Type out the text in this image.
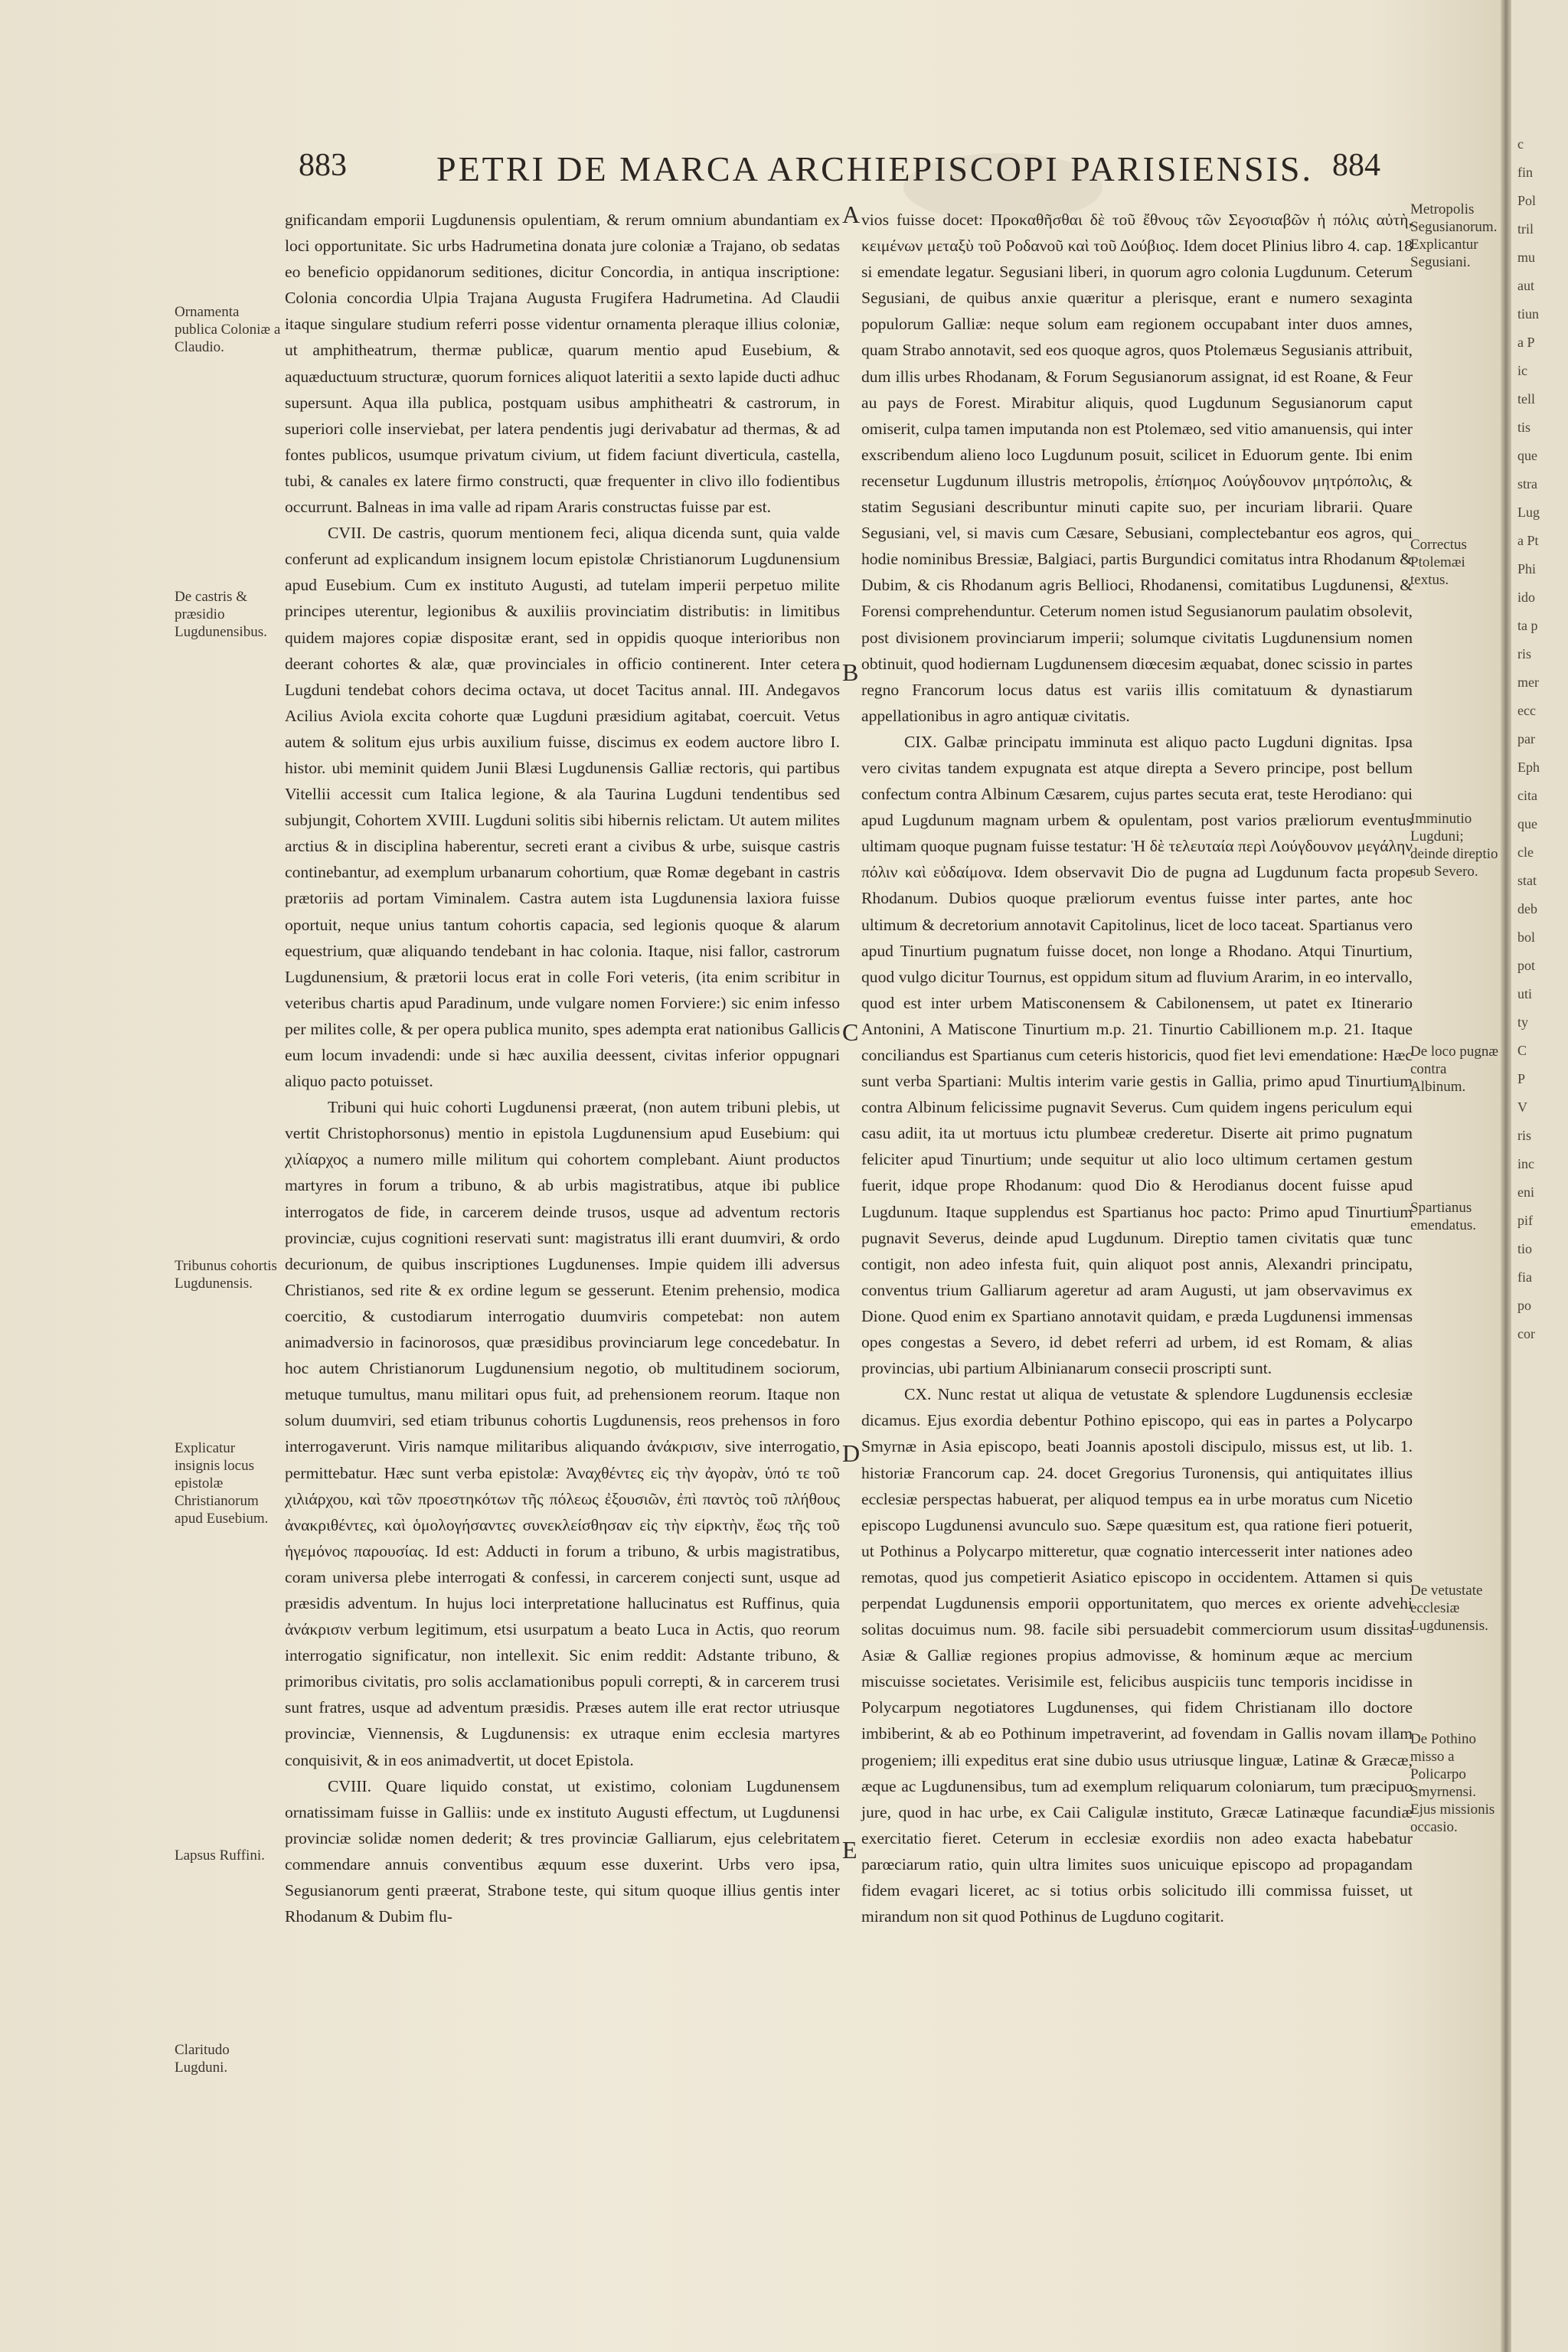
883	PETRI DE MARCA ARCHIEPISCOPI PARISIENSIS. 884
A
B
C
D
E
Ornamenta publica Coloniæ a Claudio.
De castris & præsidio Lugdunensibus.
Tribunus cohortis Lugdunensis.
Explicatur insignis locus epistolæ Christianorum apud Eusebium.
Lapsus Ruffini.
Claritudo Lugduni.

gnificandam emporii Lugdunensis opulentiam, & rerum omnium abundantiam ex loci opportunitate. Sic urbs Hadrumetina donata jure coloniæ a Trajano, ob sedatas eo beneficio oppidanorum seditiones, dicitur Concordia, in antiqua inscriptione: Colonia concordia Ulpia Trajana Augusta Frugifera Hadrumetina. Ad Claudii itaque singulare studium referri posse videntur ornamenta pleraque illius coloniæ, ut amphitheatrum, thermæ publicæ, quarum mentio apud Eusebium, & aquæductuum structuræ, quorum fornices aliquot lateritii a sexto lapide ducti adhuc supersunt. Aqua illa publica, postquam usibus amphitheatri & castrorum, in superiori colle inserviebat, per latera pendentis jugi derivabatur ad thermas, & ad fontes publicos, usumque privatum civium, ut fidem faciunt diverticula, castella, tubi, & canales ex latere firmo constructi, quæ frequenter in clivo illo fodientibus occurrunt. Balneas in ima valle ad ripam Araris constructas fuisse par est.

CVII. De castris, quorum mentionem feci, aliqua dicenda sunt, quia valde conferunt ad explicandum insignem locum epistolæ Christianorum Lugdunensium apud Eusebium. Cum ex instituto Augusti, ad tutelam imperii perpetuo milite principes uterentur, legionibus & auxiliis provinciatim distributis: in limitibus quidem majores copiæ dispositæ erant, sed in oppidis quoque interioribus non deerant cohortes & alæ, quæ provinciales in officio continerent. Inter cetera Lugduni tendebat cohors decima octava, ut docet Tacitus annal. III. Andegavos Acilius Aviola excita cohorte quæ Lugduni præsidium agitabat, coercuit. Vetus autem & solitum ejus urbis auxilium fuisse, discimus ex eodem auctore libro I. histor. ubi meminit quidem Junii Blæsi Lugdunensis Galliæ rectoris, qui partibus Vitellii accessit cum Italica legione, & ala Taurina Lugduni tendentibus sed subjungit, Cohortem XVIII. Lugduni solitis sibi hibernis relictam. Ut autem milites arctius & in disciplina haberentur, secreti erant a civibus & urbe, suisque castris continebantur, ad exemplum urbanarum cohortium, quæ Romæ degebant in castris prætoriis ad portam Viminalem. Castra autem ista Lugdunensia laxiora fuisse oportuit, neque unius tantum cohortis capacia, sed legionis quoque & alarum equestrium, quæ aliquando tendebant in hac colonia. Itaque, nisi fallor, castrorum Lugdunensium, & prætorii locus erat in colle Fori veteris, (ita enim scribitur in veteribus chartis apud Paradinum, unde vulgare nomen Forviere:) sic enim infesso per milites colle, & per opera publica munito, spes adempta erat nationibus Gallicis eum locum invadendi: unde si hæc auxilia deessent, civitas inferior oppugnari aliquo pacto potuisset.

Tribuni qui huic cohorti Lugdunensi præerat, (non autem tribuni plebis, ut vertit Christophorsonus) mentio in epistola Lugdunensium apud Eusebium: qui χιλίαρχος a numero mille militum qui cohortem complebant. Aiunt productos martyres in forum a tribuno, & ab urbis magistratibus, atque ibi publice interrogatos de fide, in carcerem deinde trusos, usque ad adventum rectoris provinciæ, cujus cognitioni reservati sunt: magistratus illi erant duumviri, & ordo decurionum, de quibus inscriptiones Lugdunenses. Impie quidem illi adversus Christianos, sed rite & ex ordine legum se gesserunt. Etenim prehensio, modica coercitio, & custodiarum interrogatio duumviris competebat: non autem animadversio in facinorosos, quæ præsidibus provinciarum lege concedebatur. In hoc autem Christianorum Lugdunensium negotio, ob multitudinem sociorum, metuque tumultus, manu militari opus fuit, ad prehensionem reorum. Itaque non solum duumviri, sed etiam tribunus cohortis Lugdunensis, reos prehensos in foro interrogaverunt. Viris namque militaribus aliquando ἀνάκρισιν, sive interrogatio, permittebatur. Hæc sunt verba epistolæ: Ἀναχθέντες εἰς τὴν ἀγορὰν, ὑπό τε τοῦ χιλιάρχου, καὶ τῶν προεστηκότων τῆς πόλεως ἐξουσιῶν, ἐπὶ παντὸς τοῦ πλήθους ἀνακριθέντες, καὶ ὁμολογήσαντες συνεκλείσθησαν εἰς τὴν εἱρκτὴν, ἕως τῆς τοῦ ἡγεμόνος παρουσίας. Id est: Adducti in forum a tribuno, & urbis magistratibus, coram universa plebe interrogati & confessi, in carcerem conjecti sunt, usque ad præsidis adventum. In hujus loci interpretatione hallucinatus est Ruffinus, quia ἀνάκρισιν verbum legitimum, etsi usurpatum a beato Luca in Actis, quo reorum interrogatio significatur, non intellexit. Sic enim reddit: Adstante tribuno, & primoribus civitatis, pro solis acclamationibus populi correpti, & in carcerem trusi sunt fratres, usque ad adventum præsidis. Præses autem ille erat rector utriusque provinciæ, Viennensis, & Lugdunensis: ex utraque enim ecclesia martyres conquisivit, & in eos animadvertit, ut docet Epistola.

CVIII. Quare liquido constat, ut existimo, coloniam Lugdunensem ornatissimam fuisse in Galliis: unde ex instituto Augusti effectum, ut Lugdunensi provinciæ solidæ nomen dederit; & tres provinciæ Galliarum, ejus celebritatem commendare annuis conventibus æquum esse duxerint. Urbs vero ipsa, Segusianorum genti præerat, Strabone teste, qui situm quoque illius gentis inter Rhodanum & Dubim flu-

vios fuisse docet: Προκαθῆσθαι δὲ τοῦ ἔθνους τῶν Σεγοσιαβῶν ἡ πόλις αὐτὴ, κειμένων μεταξὺ τοῦ Ροδανοῦ καὶ τοῦ Δούβιος. Idem docet Plinius libro 4. cap. 18 si emendate legatur. Segusiani liberi, in quorum agro colonia Lugdunum. Ceterum Segusiani, de quibus anxie quæritur a plerisque, erant e numero sexaginta populorum Galliæ: neque solum eam regionem occupabant inter duos amnes, quam Strabo annotavit, sed eos quoque agros, quos Ptolemæus Segusianis attribuit, dum illis urbes Rhodanam, & Forum Segusianorum assignat, id est Roane, & Feur au pays de Forest. Mirabitur aliquis, quod Lugdunum Segusianorum caput omiserit, culpa tamen imputanda non est Ptolemæo, sed vitio amanuensis, qui inter exscribendum alieno loco Lugdunum posuit, scilicet in Eduorum gente. Ibi enim recensetur Lugdunum illustris metropolis, ἐπίσημος Λούγδουνον μητρόπολις, & statim Segusiani describuntur minuti capite suo, per incuriam librarii. Quare Segusiani, vel, si mavis cum Cæsare, Sebusiani, complectebantur eos agros, qui hodie nominibus Bressiæ, Balgiaci, partis Burgundici comitatus intra Rhodanum & Dubim, & cis Rhodanum agris Bellioci, Rhodanensi, comitatibus Lugdunensi, & Forensi comprehenduntur. Ceterum nomen istud Segusianorum paulatim obsolevit, post divisionem provinciarum imperii; solumque civitatis Lugdunensium nomen obtinuit, quod hodiernam Lugdunensem diœcesim æquabat, donec scissio in partes regno Francorum locus datus est variis illis comitatuum & dynastiarum appellationibus in agro antiquæ civitatis.

CIX. Galbæ principatu imminuta est aliquo pacto Lugduni dignitas. Ipsa vero civitas tandem expugnata est atque direpta a Severo principe, post bellum confectum contra Albinum Cæsarem, cujus partes secuta erat, teste Herodiano: qui apud Lugdunum magnam urbem & opulentam, post varios præliorum eventus ultimam quoque pugnam fuisse testatur: Ἡ δὲ τελευταία περὶ Λούγδουνον μεγάλην πόλιν καὶ εὐδαίμονα. Idem observavit Dio de pugna ad Lugdunum facta prope Rhodanum. Dubios quoque præliorum eventus fuisse inter partes, ante hoc ultimum & decretorium annotavit Capitolinus, licet de loco taceat. Spartianus vero apud Tinurtium pugnatum fuisse docet, non longe a Rhodano. Atqui Tinurtium, quod vulgo dicitur Tournus, est oppidum situm ad fluvium Ararim, in eo intervallo, quod est inter urbem Matisconensem & Cabilonensem, ut patet ex Itinerario Antonini, A Matiscone Tinurtium m.p. 21. Tinurtio Cabillionem m.p. 21. Itaque conciliandus est Spartianus cum ceteris historicis, quod fiet levi emendatione: Hæc sunt verba Spartiani: Multis interim varie gestis in Gallia, primo apud Tinurtium contra Albinum felicissime pugnavit Severus. Cum quidem ingens periculum equi casu adiit, ita ut mortuus ictu plumbeæ crederetur. Diserte ait primo pugnatum feliciter apud Tinurtium; unde sequitur ut alio loco ultimum certamen gestum fuerit, idque prope Rhodanum: quod Dio & Herodianus docent fuisse apud Lugdunum. Itaque supplendus est Spartianus hoc pacto: Primo apud Tinurtium pugnavit Severus, deinde apud Lugdunum. Direptio tamen civitatis quæ tunc contigit, non adeo infesta fuit, quin aliquot post annis, Alexandri principatu, conventus trium Galliarum ageretur ad aram Augusti, ut jam observavimus ex Dione. Quod enim ex Spartiano annotavit quidam, e præda Lugdunensi immensas opes congestas a Severo, id debet referri ad urbem, id est Romam, & alias provincias, ubi partium Albinianarum consecii proscripti sunt.

CX. Nunc restat ut aliqua de vetustate & splendore Lugdunensis ecclesiæ dicamus. Ejus exordia debentur Pothino episcopo, qui eas in partes a Polycarpo Smyrnæ in Asia episcopo, beati Joannis apostoli discipulo, missus est, ut lib. 1. historiæ Francorum cap. 24. docet Gregorius Turonensis, qui antiquitates illius ecclesiæ perspectas habuerat, per aliquod tempus ea in urbe moratus cum Nicetio episcopo Lugdunensi avunculo suo. Sæpe quæsitum est, qua ratione fieri potuerit, ut Pothinus a Polycarpo mitteretur, quæ cognatio intercesserit inter nationes adeo remotas, quod jus competierit Asiatico episcopo in occidentem. Attamen si quis perpendat Lugdunensis emporii opportunitatem, quo merces ex oriente advehi solitas docuimus num. 98. facile sibi persuadebit commerciorum usum dissitas Asiæ & Galliæ regiones propius admovisse, & hominum æque ac mercium miscuisse societates. Verisimile est, felicibus auspiciis tunc temporis incidisse in Polycarpum negotiatores Lugdunenses, qui fidem Christianam illo doctore imbiberint, & ab eo Pothinum impetraverint, ad fovendam in Gallis novam illam progeniem; illi expeditus erat sine dubio usus utriusque linguæ, Latinæ & Græcæ, æque ac Lugdunensibus, tum ad exemplum reliquarum coloniarum, tum præcipuo jure, quod in hac urbe, ex Caii Caligulæ instituto, Græcæ Latinæque facundiæ exercitatio fieret. Ceterum in ecclesiæ exordiis non adeo exacta habebatur parœciarum ratio, quin ultra limites suos unicuique episcopo ad propagandam fidem evagari liceret, ac si totius orbis solicitudo illi commissa fuisset, ut mirandum non sit quod Pothinus de Lugduno cogitarit.

Metropolis Segusianorum. Explicantur Segusiani.
Correctus Ptolemæi textus.
Imminutio Lugduni; deinde direptio sub Severo.
De loco pugnæ contra Albinum.
Spartianus emendatus.
De vetustate ecclesiæ Lugdunensis.
De Pothino misso a Policarpo Smyrnensi. Ejus missionis occasio.
c
fin
Pol
tril
mu
aut
tiun
a P
ic
tell
tis
que
stra
Lug
a Pt
Phi
ido
ta p
ris
mer
ecc
par
Eph
cita
que
cle
stat
deb
bol
pot
uti
ty
C
P
V
ris
inc
eni
pif
tio
fia
po
cor
